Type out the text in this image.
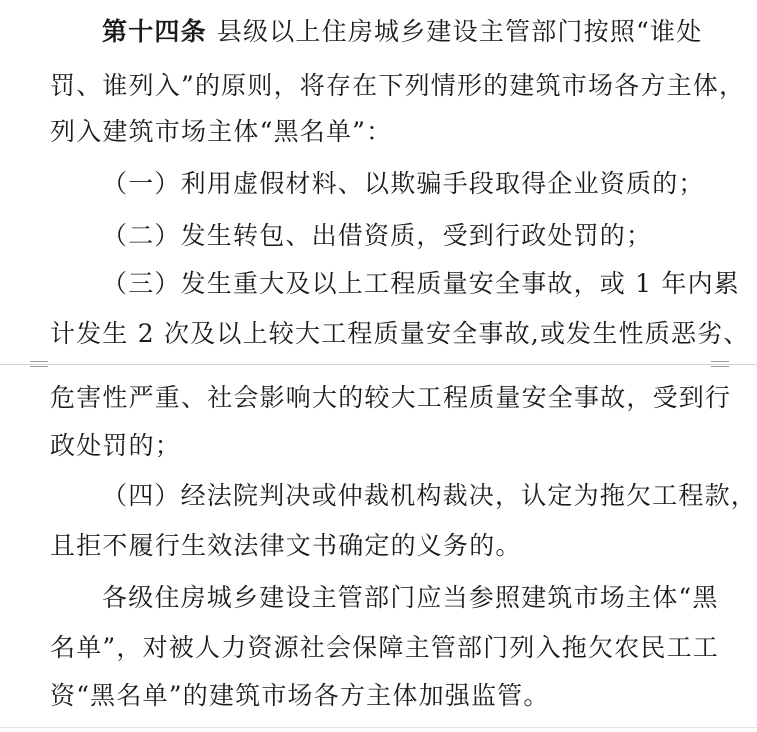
第十四条 县级以上住房城乡建设主管部门按照“谁处
罚、谁列入”的原则，将存在下列情形的建筑市场各方主体，
列入建筑市场主体“黑名单”：
（一）利用虚假材料、以欺骗手段取得企业资质的；
（二）发生转包、出借资质，受到行政处罚的；
（三）发生重大及以上工程质量安全事故，或 1 年内累
计发生 2 次及以上较大工程质量安全事故,或发生性质恶劣、
危害性严重、社会影响大的较大工程质量安全事故，受到行
政处罚的；
（四）经法院判决或仲裁机构裁决，认定为拖欠工程款，
且拒不履行生效法律文书确定的义务的。
各级住房城乡建设主管部门应当参照建筑市场主体“黑
名单”，对被人力资源社会保障主管部门列入拖欠农民工工
资“黑名单”的建筑市场各方主体加强监管。
